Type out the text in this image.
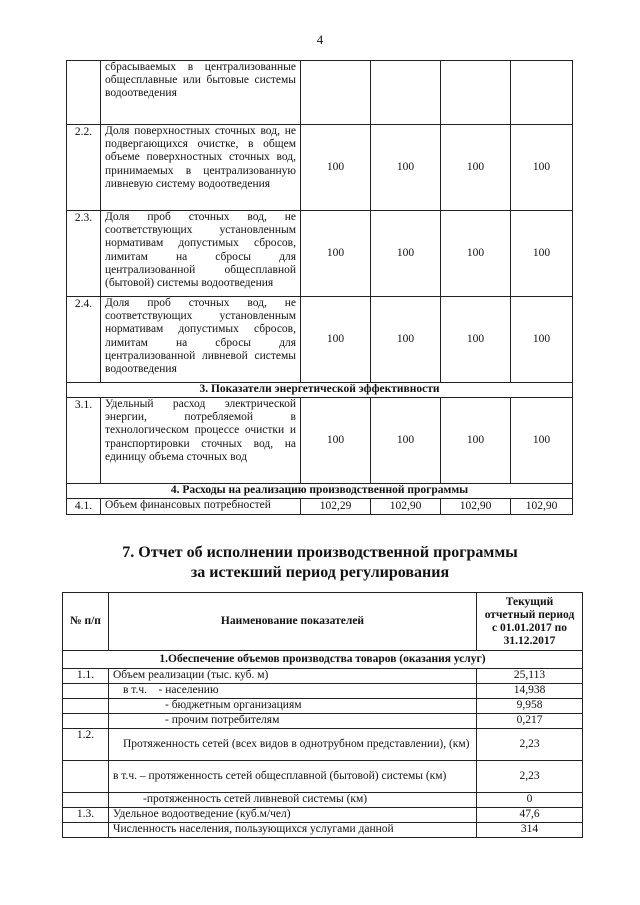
4
	сбрасываемых в централизованные общесплавные или бытовые системы водоотведения				
2.2.	Доля поверхностных сточных вод, не подвергающихся очистке, в общем объеме поверхностных сточных вод, принимаемых в централизованную ливневую систему водоотведения	100	100	100	100
2.3.	Доля проб сточных вод, не соответствующих установленным нормативам допустимых сбросов, лимитам на сбросы для централизованной общесплавной (бытовой) системы водоотведения	100	100	100	100
2.4.	Доля проб сточных вод, не соответствующих установленным нормативам допустимых сбросов, лимитам на сбросы для централизованной ливневой системы водоотведения	100	100	100	100
3. Показатели энергетической эффективности					
3.1.	Удельный расход электрической энергии, потребляемой в технологическом процессе очистки и транспортировки сточных вод, на единицу объема сточных вод	100	100	100	100
4. Расходы на реализацию производственной программы					
4.1.	Объем финансовых потребностей	102,29	102,90	102,90	102,90
7. Отчет об исполнении производственной программы
за истекший период регулирования
№ п/п	Наименование показателей	Текущий отчетный период с 01.01.2017 по 31.12.2017
1.Обеспечение объемов производства товаров (оказания услуг)		
1.1.	Объем реализации (тыс. куб. м)	25,113
	в т.ч.    - населению	14,938
	- бюджетным организациям	9,958
	- прочим потребителям	0,217
1.2.	Протяженность сетей (всех видов в однотрубном представлении), (км)	2,23
	в т.ч. – протяженность сетей общесплавной (бытовой) системы (км)	2,23
	-протяженность сетей ливневой системы (км)	0
1.3.	Удельное водоотведение (куб.м/чел)	47,6
	Численность населения, пользующихся услугами данной	314
